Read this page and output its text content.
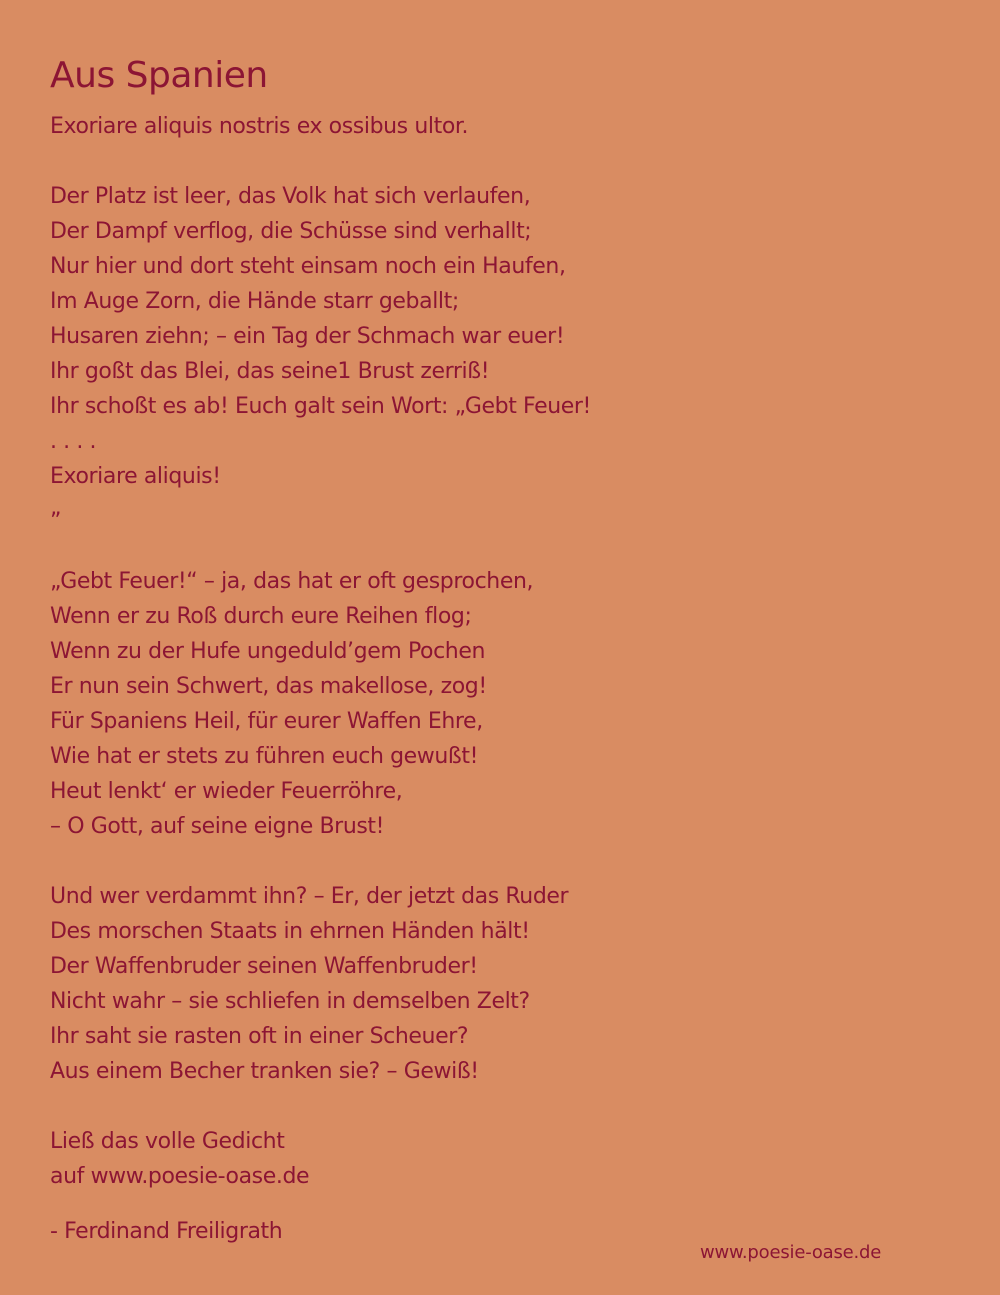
Aus Spanien

Exoriare aliquis nostris ex ossibus ultor.

Der Platz ist leer, das Volk hat sich verlaufen,
Der Dampf verflog, die Schüsse sind verhallt;
Nur hier und dort steht einsam noch ein Haufen,
Im Auge Zorn, die Hände starr geballt;
Husaren ziehn; – ein Tag der Schmach war euer!
Ihr goßt das Blei, das seine1 Brust zerriß!
Ihr schoßt es ab! Euch galt sein Wort: „Gebt Feuer!

. . . .

Exoriare aliquis!

”

„Gebt Feuer!“ – ja, das hat er oft gesprochen,
Wenn er zu Roß durch eure Reihen flog;
Wenn zu der Hufe ungeduld’gem Pochen
Er nun sein Schwert, das makellose, zog!
Für Spaniens Heil, für eurer Waffen Ehre,
Wie hat er stets zu führen euch gewußt!
Heut lenkt‘ er wieder Feuerröhre,
– O Gott, auf seine eigne Brust!

Und wer verdammt ihn? – Er, der jetzt das Ruder
Des morschen Staats in ehrnen Händen hält!
Der Waffenbruder seinen Waffenbruder!
Nicht wahr – sie schliefen in demselben Zelt?
Ihr saht sie rasten oft in einer Scheuer?
Aus einem Becher tranken sie? – Gewiß!

Ließ das volle Gedicht
auf www.poesie-oase.de

- Ferdinand Freiligrath

www.poesie-oase.de
